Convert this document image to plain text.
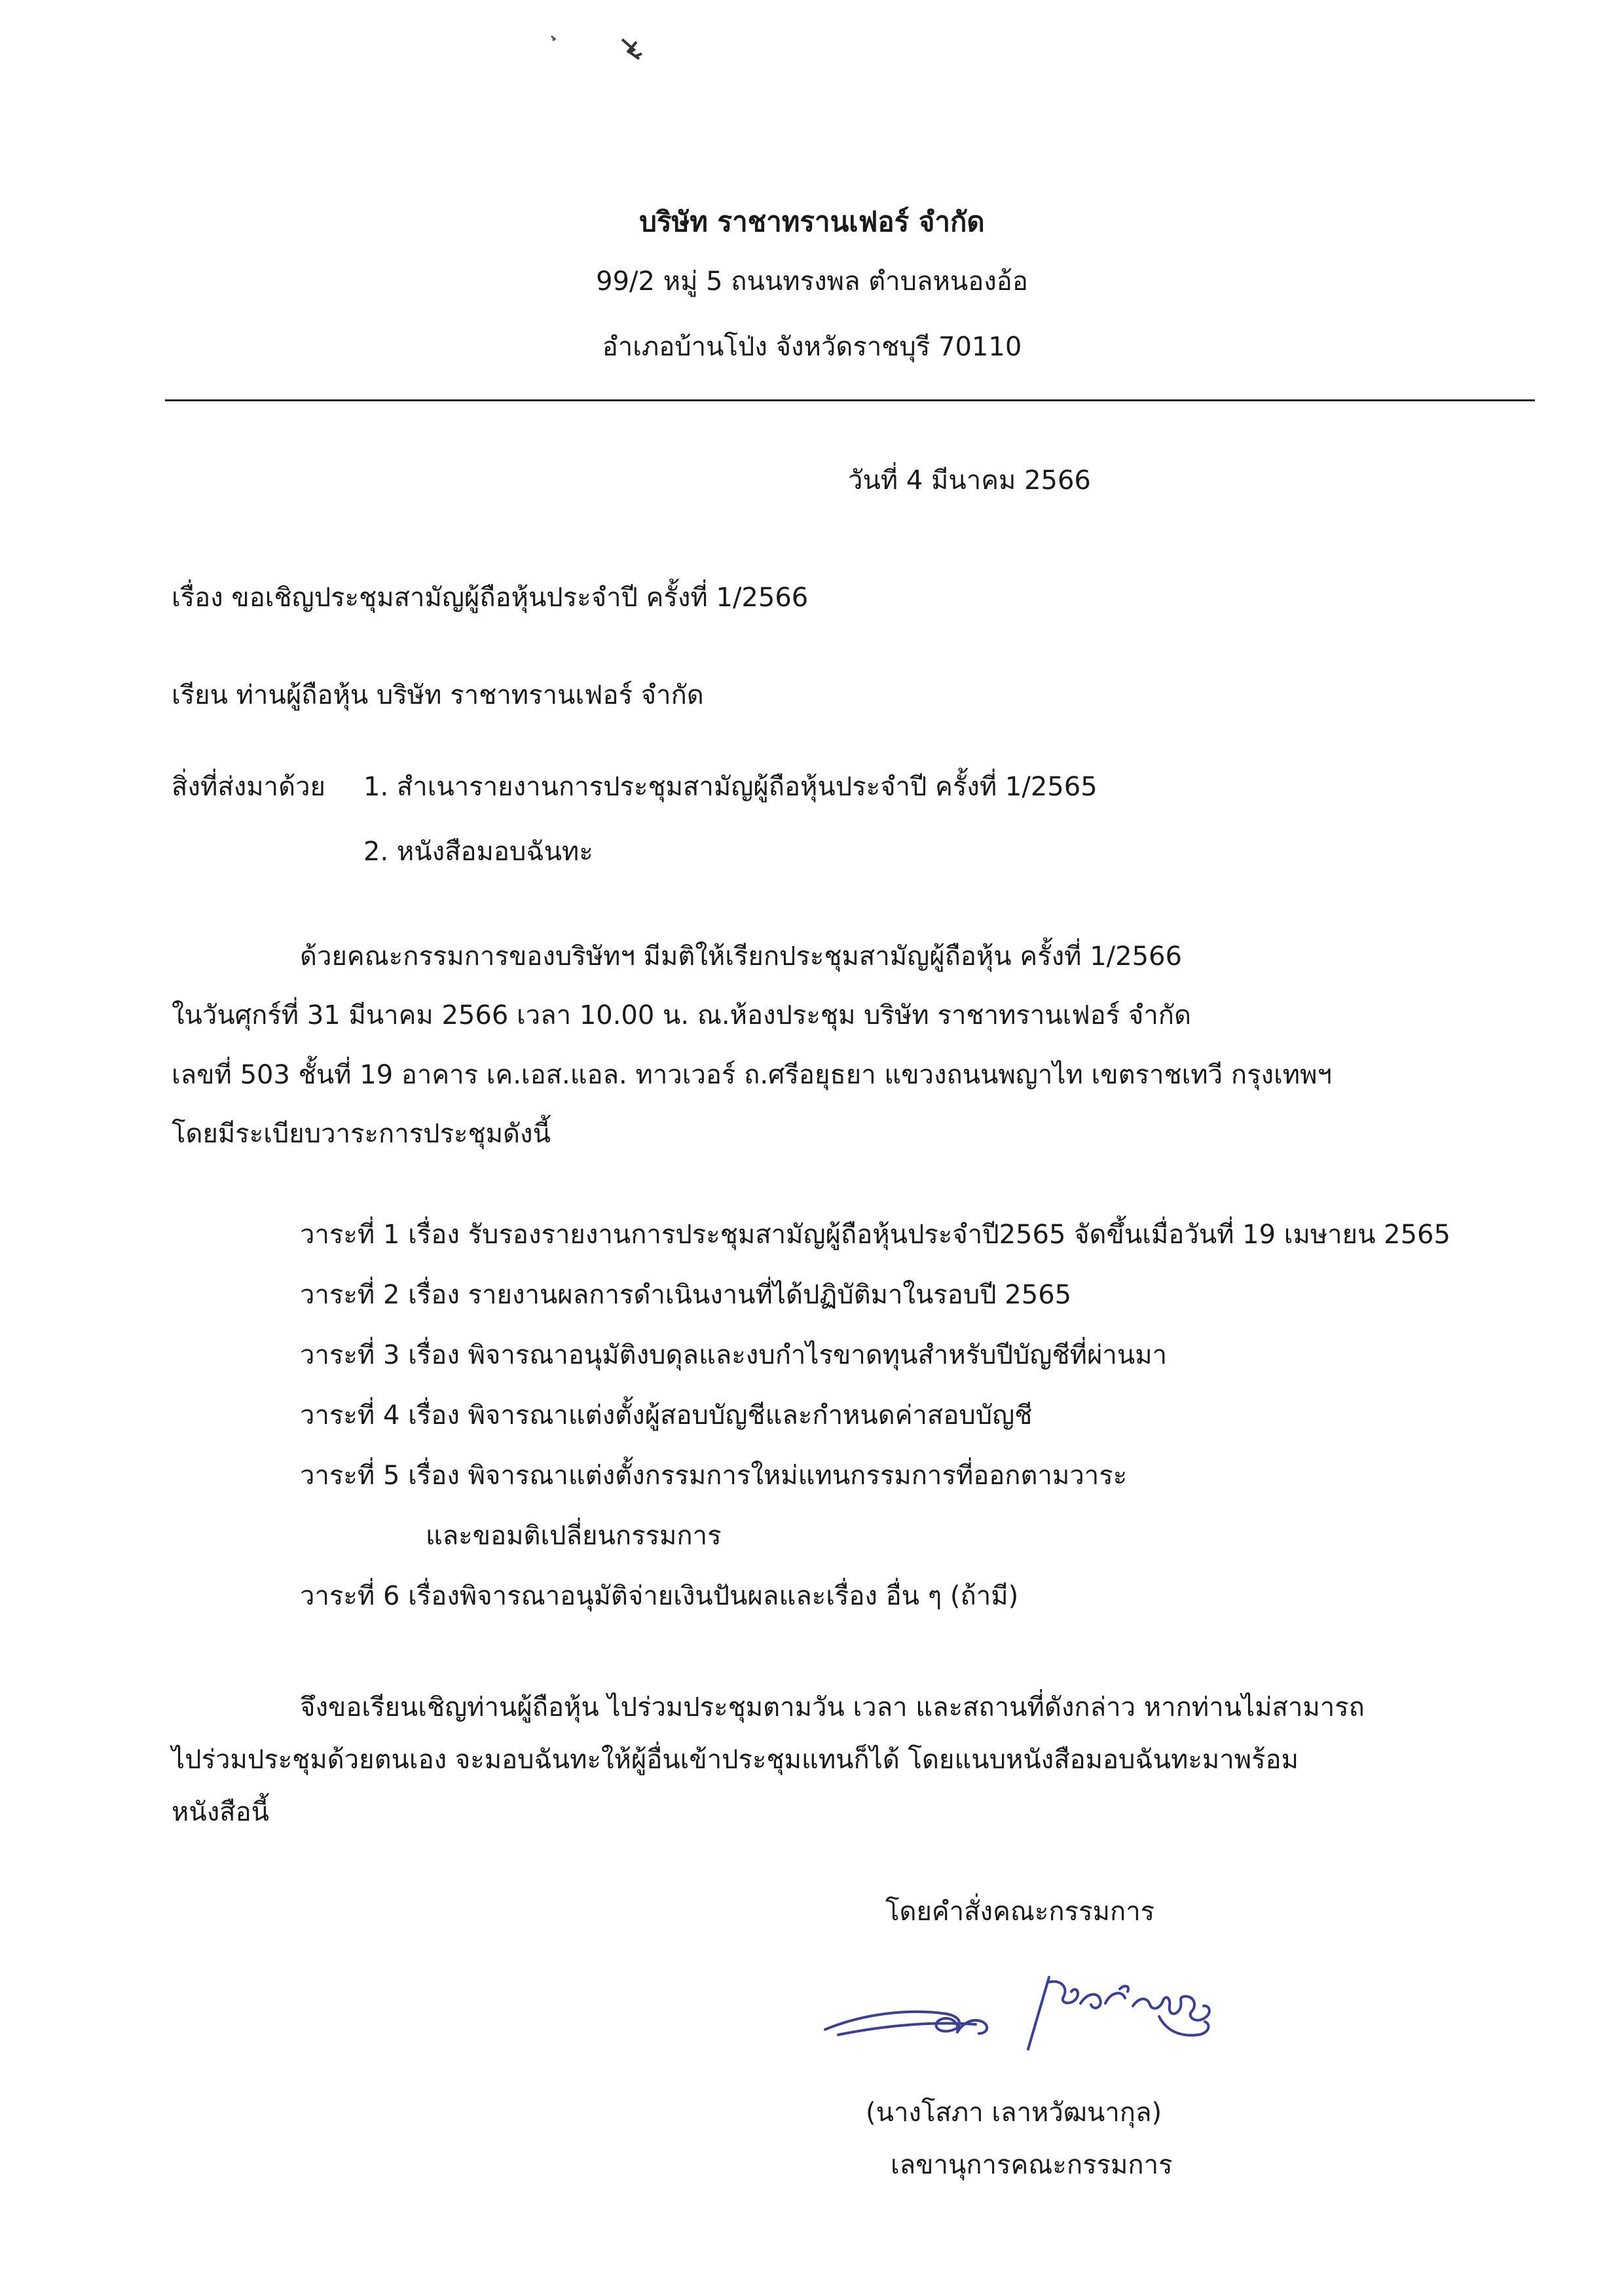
บริษัท ราชาทรานเฟอร์ จำกัด
99/2 หมู่ 5 ถนนทรงพล ตำบลหนองอ้อ
อำเภอบ้านโป่ง จังหวัดราชบุรี 70110
วันที่ 4 มีนาคม 2566
เรื่อง ขอเชิญประชุมสามัญผู้ถือหุ้นประจำปี ครั้งที่ 1/2566
เรียน ท่านผู้ถือหุ้น บริษัท ราชาทรานเฟอร์ จำกัด
สิ่งที่ส่งมาด้วย 1. สำเนารายงานการประชุมสามัญผู้ถือหุ้นประจำปี ครั้งที่ 1/2565
2. หนังสือมอบฉันทะ
ด้วยคณะกรรมการของบริษัทฯ มีมติให้เรียกประชุมสามัญผู้ถือหุ้น ครั้งที่ 1/2566
ในวันศุกร์ที่ 31 มีนาคม 2566 เวลา 10.00 น. ณ.ห้องประชุม บริษัท ราชาทรานเฟอร์ จำกัด
เลขที่ 503 ชั้นที่ 19 อาคาร เค.เอส.แอล. ทาวเวอร์ ถ.ศรีอยุธยา แขวงถนนพญาไท เขตราชเทวี กรุงเทพฯ
โดยมีระเบียบวาระการประชุมดังนี้
วาระที่ 1 เรื่อง รับรองรายงานการประชุมสามัญผู้ถือหุ้นประจำปี2565 จัดขึ้นเมื่อวันที่ 19 เมษายน 2565
วาระที่ 2 เรื่อง รายงานผลการดำเนินงานที่ได้ปฏิบัติมาในรอบปี 2565
วาระที่ 3 เรื่อง พิจารณาอนุมัติงบดุลและงบกำไรขาดทุนสำหรับปีบัญชีที่ผ่านมา
วาระที่ 4 เรื่อง พิจารณาแต่งตั้งผู้สอบบัญชีและกำหนดค่าสอบบัญชี
วาระที่ 5 เรื่อง พิจารณาแต่งตั้งกรรมการใหม่แทนกรรมการที่ออกตามวาระ
และขอมติเปลี่ยนกรรมการ
วาระที่ 6 เรื่องพิจารณาอนุมัติจ่ายเงินปันผลและเรื่อง อื่น ๆ (ถ้ามี)
จึงขอเรียนเชิญท่านผู้ถือหุ้น ไปร่วมประชุมตามวัน เวลา และสถานที่ดังกล่าว หากท่านไม่สามารถ
ไปร่วมประชุมด้วยตนเอง จะมอบฉันทะให้ผู้อื่นเข้าประชุมแทนก็ได้ โดยแนบหนังสือมอบฉันทะมาพร้อม
หนังสือนี้
โดยคำสั่งคณะกรรมการ
(นางโสภา เลาหวัฒนากุล)
เลขานุการคณะกรรมการ
